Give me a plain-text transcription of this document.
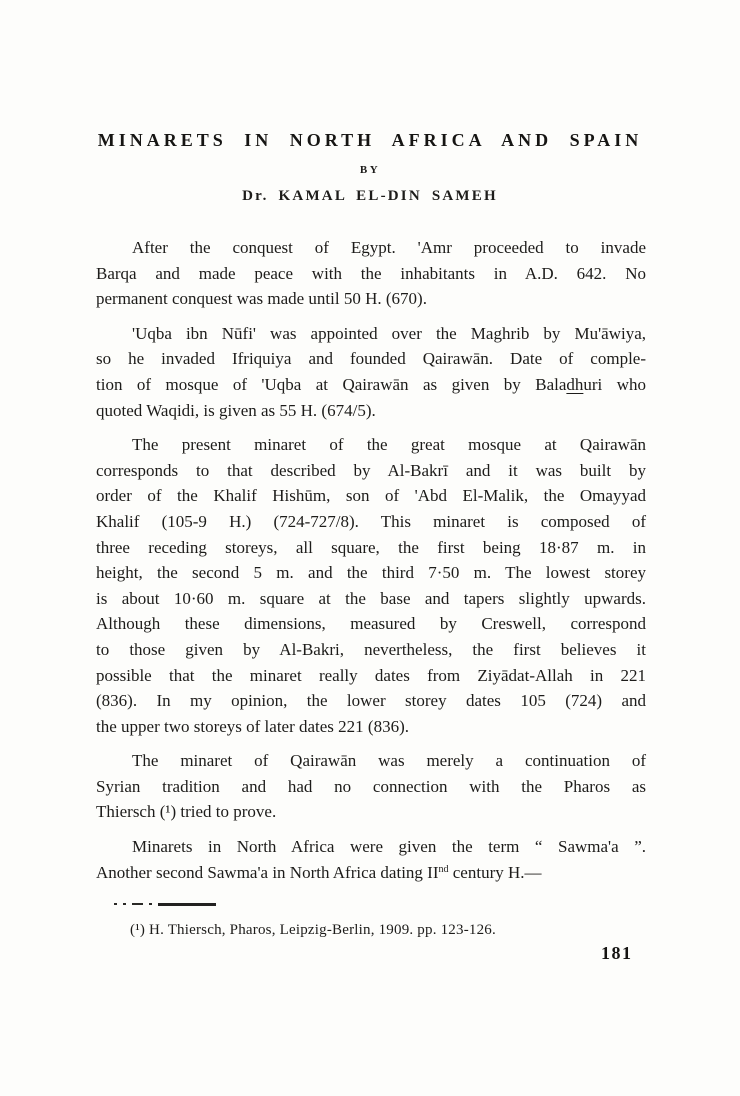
MINARETS IN NORTH AFRICA AND SPAIN
BY
Dr. KAMAL EL-DIN SAMEH
After the conquest of Egypt. 'Amr proceeded to invade
Barqa and made peace with the inhabitants in A.D. 642. No
permanent conquest was made until 50 H. (670).
'Uqba ibn Nūfi' was appointed over the Maghrib by Mu'āwiya,
so he invaded Ifriquiya and founded Qairawān. Date of comple-
tion of mosque of 'Uqba at Qairawān as given by Baladhuri who
quoted Waqidi, is given as 55 H. (674/5).
The present minaret of the great mosque at Qairawān
corresponds to that described by Al-Bakrī and it was built by
order of the Khalif Hishūm, son of 'Abd El-Malik, the Omayyad
Khalif (105-9 H.) (724-727/8). This minaret is composed of
three receding storeys, all square, the first being 18·87 m. in
height, the second 5 m. and the third 7·50 m. The lowest storey
is about 10·60 m. square at the base and tapers slightly upwards.
Although these dimensions, measured by Creswell, correspond
to those given by Al-Bakri, nevertheless, the first believes it
possible that the minaret really dates from Ziyādat-Allah in 221
(836). In my opinion, the lower storey dates 105 (724) and
the upper two storeys of later dates 221 (836).
The minaret of Qairawān was merely a continuation of
Syrian tradition and had no connection with the Pharos as
Thiersch (¹) tried to prove.
Minarets in North Africa were given the term “ Sawma'a ”.
Another second Sawma'a in North Africa dating IInd century H.—
(¹) H. Thiersch, Pharos, Leipzig-Berlin, 1909. pp. 123-126.
181
